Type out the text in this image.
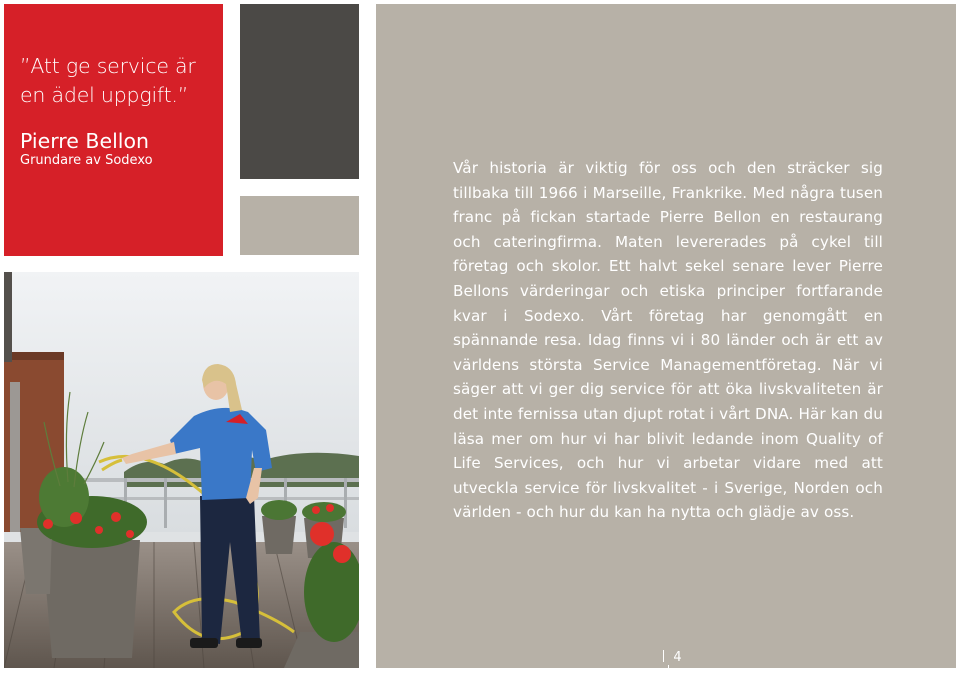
”Att ge service är en ädel uppgift.”
Pierre Bellon
Grundare av Sodexo	Vår historia är viktig för oss och den sträcker sig tillbaka till 1966 i Marseille, Frankrike. Med några tusen franc på fickan startade Pierre Bellon en restaurang och cateringfirma. Maten levererades på cykel till företag och skolor. Ett halvt sekel senare lever Pierre Bellons värderingar och etiska principer fortfarande kvar i Sodexo. Vårt företag har genomgått en spännande resa. Idag finns vi i 80 länder och är ett av världens största Service Managementföretag. När vi säger att vi ger dig service för att öka livskvaliteten är det inte fernissa utan djupt rotat i vårt DNA. Här kan du läsa mer om hur vi har blivit ledande inom Quality of Life Services, och hur vi arbetar vidare med att utveckla service för livskvalitet - i Sverige, Norden och världen - och hur du kan ha nytta och glädje av oss.
4
